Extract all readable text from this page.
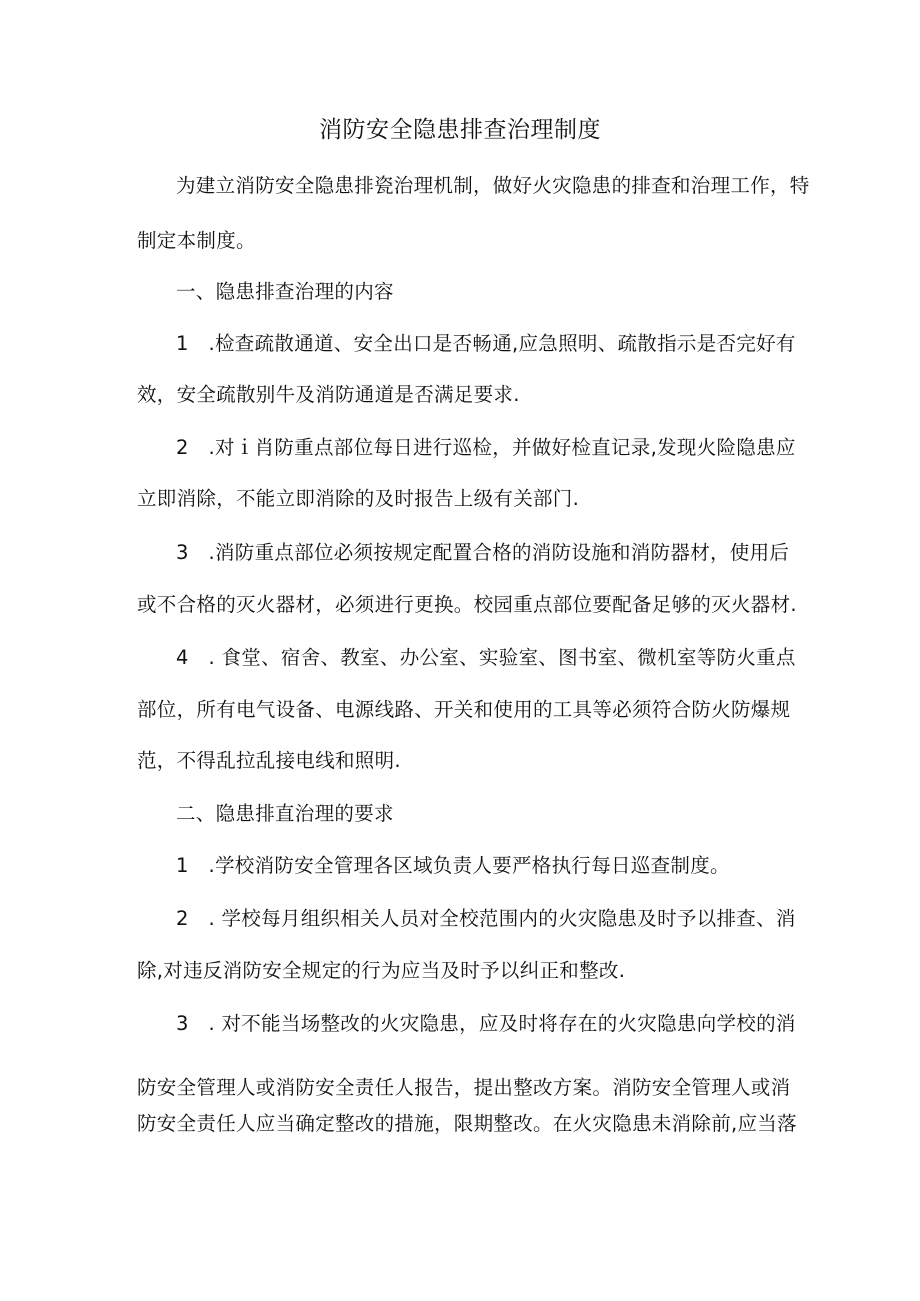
消防安全隐患排查治理制度
为建立消防安全隐患排瓷治理机制，做好火灾隐患的排查和治理工作，特
制定本制度。
一、隐患排查治理的内容
1　.检查疏散通道、安全出口是否畅通,应急照明、疏散指示是否完好有
效，安全疏散别牛及消防通道是否满足要求.
2　.对ｉ肖防重点部位每日进行巡检，并做好检直记录,发现火险隐患应
立即消除，不能立即消除的及时报告上级有关部门.
3　.消防重点部位必须按规定配置合格的消防设施和消防器材，使用后
或不合格的灭火器材，必须进行更换。校园重点部位要配备足够的灭火器材.
4　. 食堂、宿舍、教室、办公室、实验室、图书室、微机室等防火重点
部位，所有电气设备、电源线路、开关和使用的工具等必须符合防火防爆规
范，不得乱拉乱接电线和照明.
二、隐患排直治理的要求
1　.学校消防安全管理各区域负责人要严格执行每日巡查制度。
2　. 学校每月组织相关人员对全校范围内的火灾隐患及时予以排查、消
除,对违反消防安全规定的行为应当及时予以纠正和整改.
3　. 对不能当场整改的火灾隐患，应及时将存在的火灾隐患向学校的消
防安全管理人或消防安全责任人报告，提出整改方案。消防安全管理人或消
防安全责任人应当确定整改的措施，限期整改。在火灾隐患未消除前,应当落
